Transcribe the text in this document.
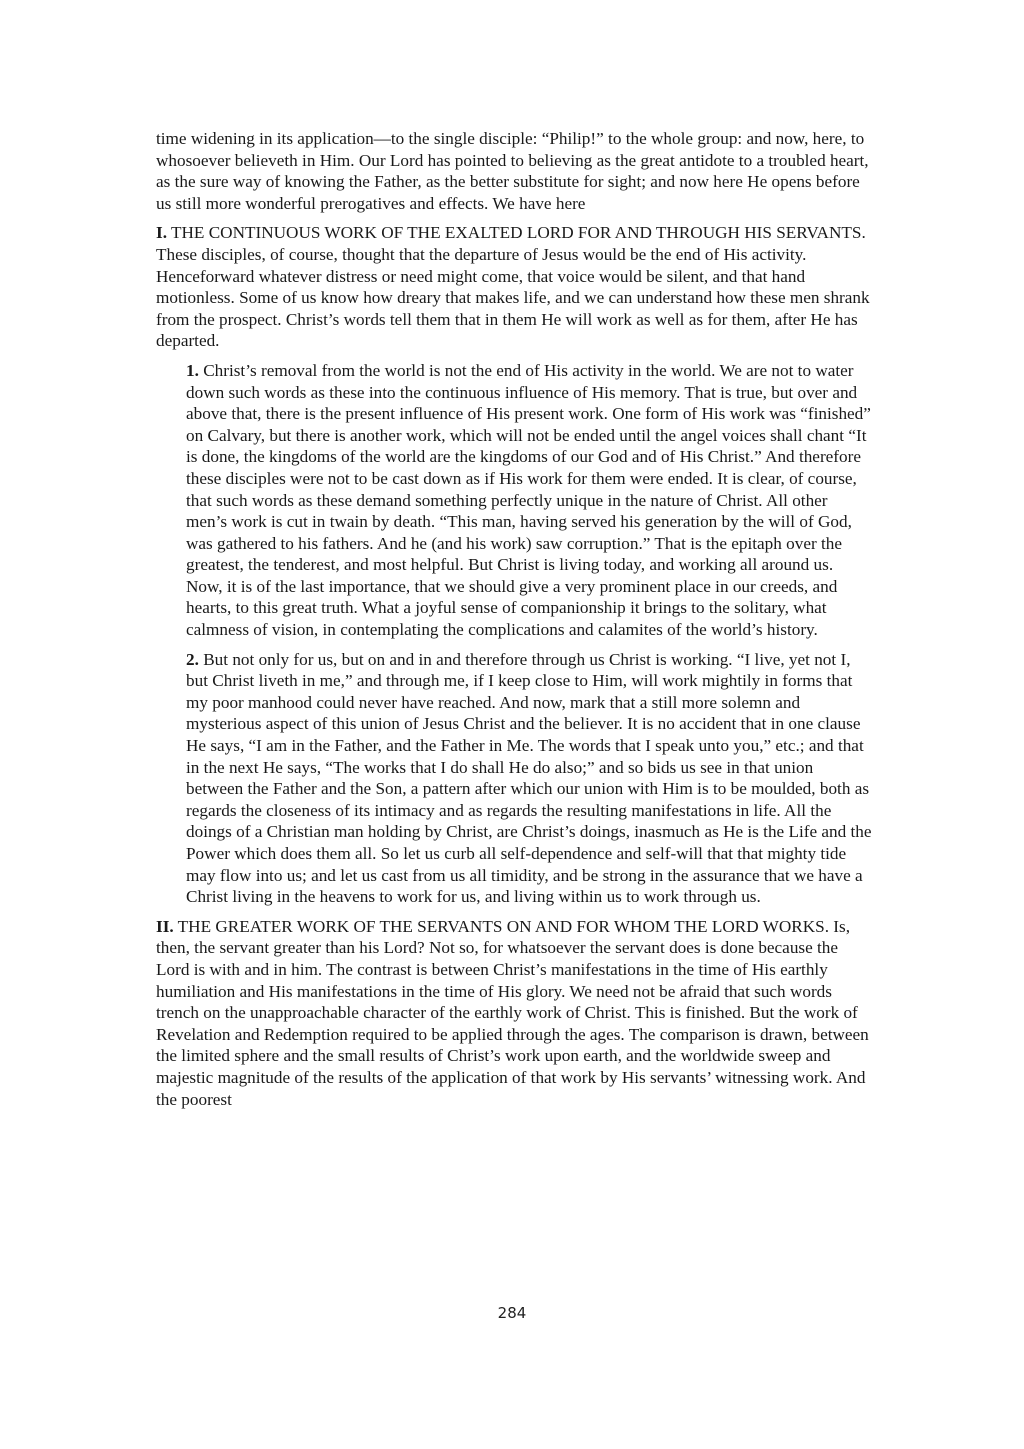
time widening in its application—to the single disciple: “Philip!” to the whole group: and now, here, to whosoever believeth in Him. Our Lord has pointed to believing as the great antidote to a troubled heart, as the sure way of knowing the Father, as the better substitute for sight; and now here He opens before us still more wonderful prerogatives and effects. We have here

I. THE CONTINUOUS WORK OF THE EXALTED LORD FOR AND THROUGH HIS SERVANTS. These disciples, of course, thought that the departure of Jesus would be the end of His activity. Henceforward whatever distress or need might come, that voice would be silent, and that hand motionless. Some of us know how dreary that makes life, and we can understand how these men shrank from the prospect. Christ’s words tell them that in them He will work as well as for them, after He has departed.

1. Christ’s removal from the world is not the end of His activity in the world. We are not to water down such words as these into the continuous influence of His memory. That is true, but over and above that, there is the present influence of His present work. One form of His work was “finished” on Calvary, but there is another work, which will not be ended until the angel voices shall chant “It is done, the kingdoms of the world are the kingdoms of our God and of His Christ.” And therefore these disciples were not to be cast down as if His work for them were ended. It is clear, of course, that such words as these demand something perfectly unique in the nature of Christ. All other men’s work is cut in twain by death. “This man, having served his generation by the will of God, was gathered to his fathers. And he (and his work) saw corruption.” That is the epitaph over the greatest, the tenderest, and most helpful. But Christ is living today, and working all around us. Now, it is of the last importance, that we should give a very prominent place in our creeds, and hearts, to this great truth. What a joyful sense of companionship it brings to the solitary, what calmness of vision, in contemplating the complications and calamites of the world’s history.

2. But not only for us, but on and in and therefore through us Christ is working. “I live, yet not I, but Christ liveth in me,” and through me, if I keep close to Him, will work mightily in forms that my poor manhood could never have reached. And now, mark that a still more solemn and mysterious aspect of this union of Jesus Christ and the believer. It is no accident that in one clause He says, “I am in the Father, and the Father in Me. The words that I speak unto you,” etc.; and that in the next He says, “The works that I do shall He do also;” and so bids us see in that union between the Father and the Son, a pattern after which our union with Him is to be moulded, both as regards the closeness of its intimacy and as regards the resulting manifestations in life. All the doings of a Christian man holding by Christ, are Christ’s doings, inasmuch as He is the Life and the Power which does them all. So let us curb all self-dependence and self-will that that mighty tide may flow into us; and let us cast from us all timidity, and be strong in the assurance that we have a Christ living in the heavens to work for us, and living within us to work through us.

II. THE GREATER WORK OF THE SERVANTS ON AND FOR WHOM THE LORD WORKS. Is, then, the servant greater than his Lord? Not so, for whatsoever the servant does is done because the Lord is with and in him. The contrast is between Christ’s manifestations in the time of His earthly humiliation and His manifestations in the time of His glory. We need not be afraid that such words trench on the unapproachable character of the earthly work of Christ. This is finished. But the work of Revelation and Redemption required to be applied through the ages. The comparison is drawn, between the limited sphere and the small results of Christ’s work upon earth, and the worldwide sweep and majestic magnitude of the results of the application of that work by His servants’ witnessing work. And the poorest

284
